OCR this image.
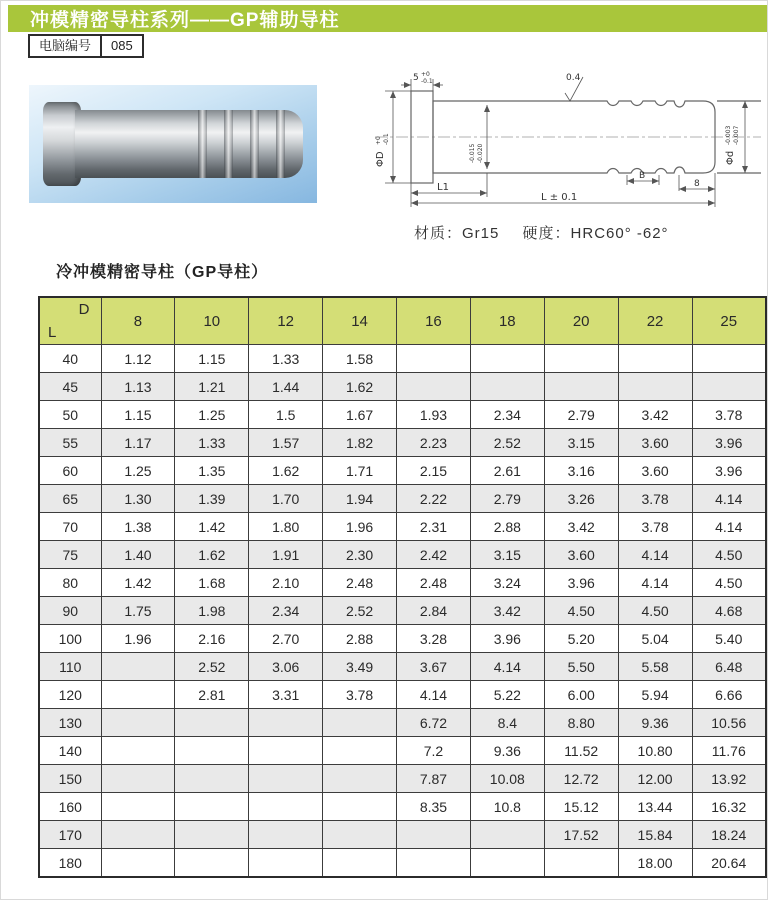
冲模精密导柱系列——GP辅助导柱
电脑编号	085
5 +0
-0.1	0.4
ΦD
+0 -0.1
-0.015 -0.020	Φd
-0.003 -0.007
L1
L ± 0.1
B
8
材质：Gr15 硬度：HRC60° -62°
冷冲模精密导柱（GP导柱）
D
L	8	10	12	14	16	18	20	22	25
40	1.12	1.15	1.33	1.58					
45	1.13	1.21	1.44	1.62					
50	1.15	1.25	1.5	1.67	1.93	2.34	2.79	3.42	3.78
55	1.17	1.33	1.57	1.82	2.23	2.52	3.15	3.60	3.96
60	1.25	1.35	1.62	1.71	2.15	2.61	3.16	3.60	3.96
65	1.30	1.39	1.70	1.94	2.22	2.79	3.26	3.78	4.14
70	1.38	1.42	1.80	1.96	2.31	2.88	3.42	3.78	4.14
75	1.40	1.62	1.91	2.30	2.42	3.15	3.60	4.14	4.50
80	1.42	1.68	2.10	2.48	2.48	3.24	3.96	4.14	4.50
90	1.75	1.98	2.34	2.52	2.84	3.42	4.50	4.50	4.68
100	1.96	2.16	2.70	2.88	3.28	3.96	5.20	5.04	5.40
110		2.52	3.06	3.49	3.67	4.14	5.50	5.58	6.48
120		2.81	3.31	3.78	4.14	5.22	6.00	5.94	6.66
130					6.72	8.4	8.80	9.36	10.56
140					7.2	9.36	11.52	10.80	11.76
150					7.87	10.08	12.72	12.00	13.92
160					8.35	10.8	15.12	13.44	16.32
170							17.52	15.84	18.24
180								18.00	20.64
